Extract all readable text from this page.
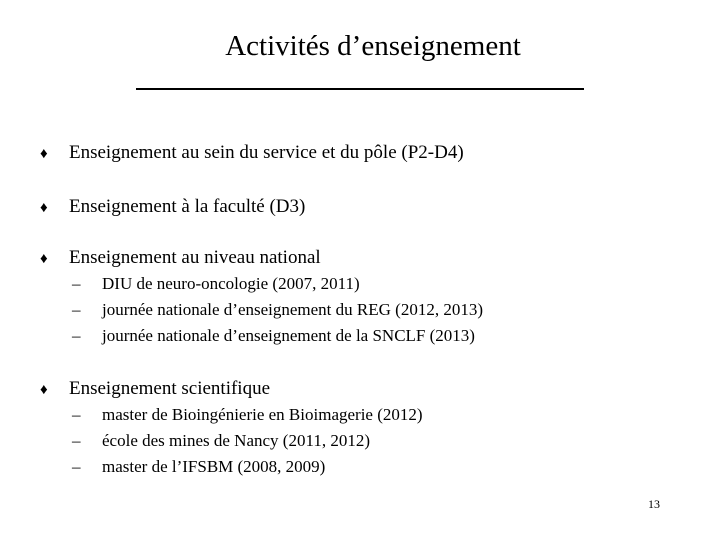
Activités d’enseignement
♦	Enseignement au sein du service et du pôle (P2-D4)
♦	Enseignement à la faculté (D3)
♦	Enseignement au niveau national
–	DIU de neuro-oncologie (2007, 2011)
–	journée nationale d’enseignement du REG (2012, 2013)
–	journée nationale d’enseignement de la SNCLF (2013)
♦	Enseignement scientifique
–	master de Bioingénierie en Bioimagerie (2012)
–	école des mines de Nancy (2011, 2012)
–	master de l’IFSBM (2008, 2009)
13
